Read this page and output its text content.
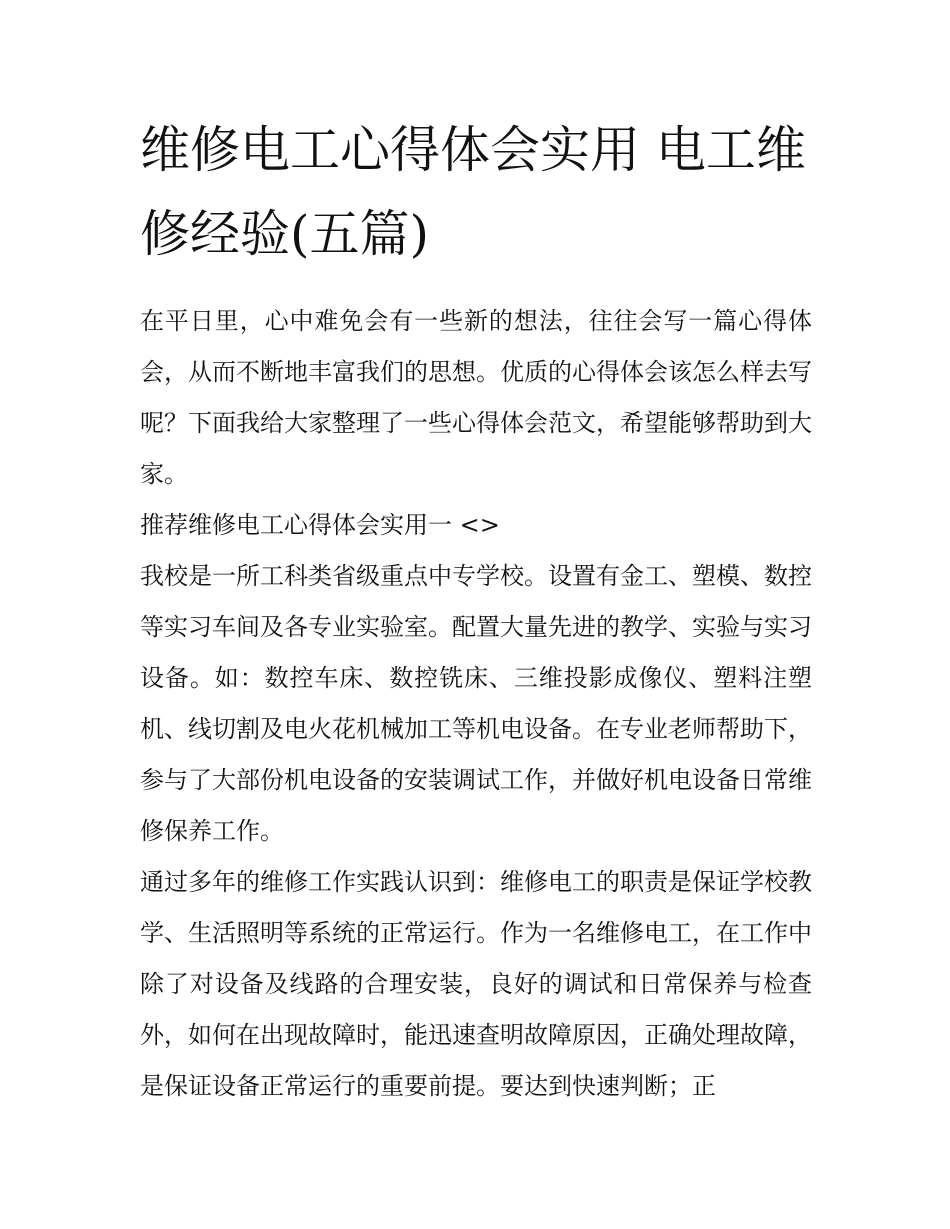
维修电工心得体会实用 电工维修经验(五篇)

在平日里，心中难免会有一些新的想法，往往会写一篇心得体会，从而不断地丰富我们的思想。优质的心得体会该怎么样去写呢？下面我给大家整理了一些心得体会范文，希望能够帮助到大家。

推荐维修电工心得体会实用一 <>

我校是一所工科类省级重点中专学校。设置有金工、塑模、数控等实习车间及各专业实验室。配置大量先进的教学、实验与实习设备。如：数控车床、数控铣床、三维投影成像仪、塑料注塑机、线切割及电火花机械加工等机电设备。在专业老师帮助下，参与了大部份机电设备的安装调试工作，并做好机电设备日常维修保养工作。

通过多年的维修工作实践认识到：维修电工的职责是保证学校教学、生活照明等系统的正常运行。作为一名维修电工，在工作中除了对设备及线路的合理安装，良好的调试和日常保养与检查外，如何在出现故障时，能迅速查明故障原因，正确处理故障，是保证设备正常运行的重要前提。要达到快速判断；正
